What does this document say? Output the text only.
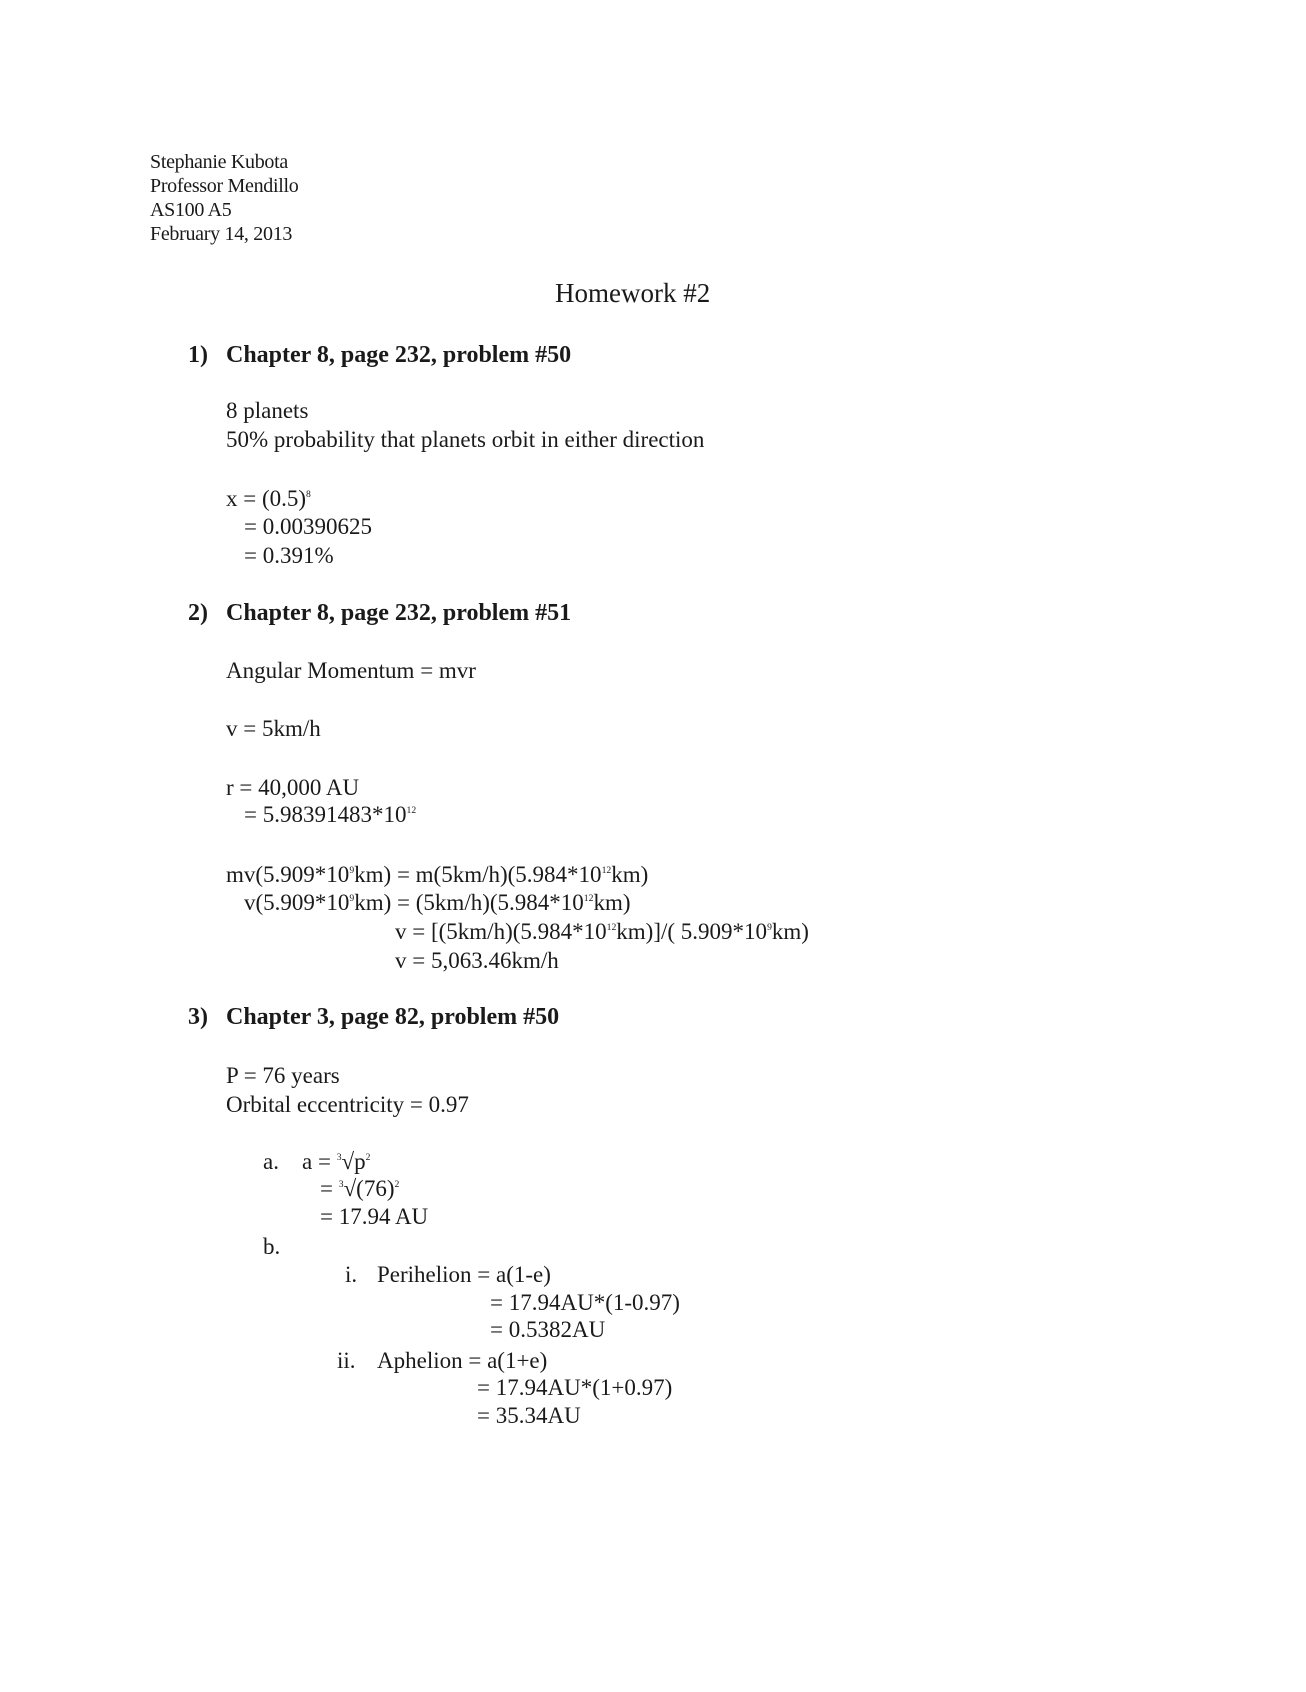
Stephanie Kubota
Professor Mendillo
AS100 A5
February 14, 2013
Homework #2
1) Chapter 8, page 232, problem #50
8 planets
50% probability that planets orbit in either direction
$x = (0.5)^8$
= 0.00390625
= 0.391%
2) Chapter 8, page 232, problem #51
Angular Momentum = mvr
v = 5km/h
r = 40,000 AU
= $5.98391483*10^{12}$
$mv(5.909*10^9km) = m(5km/h)(5.984*10^{12}km)$
$v(5.909*10^9km) = (5km/h)(5.984*10^{12}km)$
$v = [(5km/h)(5.984*10^{12}km)]/$( $5.909*10^9km$)
v = 5,063.46km/h
3) Chapter 3, page 82, problem #50
P = 76 years
Orbital eccentricity = 0.97
a. $a = ^3√p^2$
= $^3√(76)^2$
= 17.94 AU
b.
i. Perihelion = a(1-e)
= 17.94AU*(1-0.97)
= 0.5382AU
ii. Aphelion = a(1+e)
= 17.94AU*(1+0.97)
= 35.34AU
